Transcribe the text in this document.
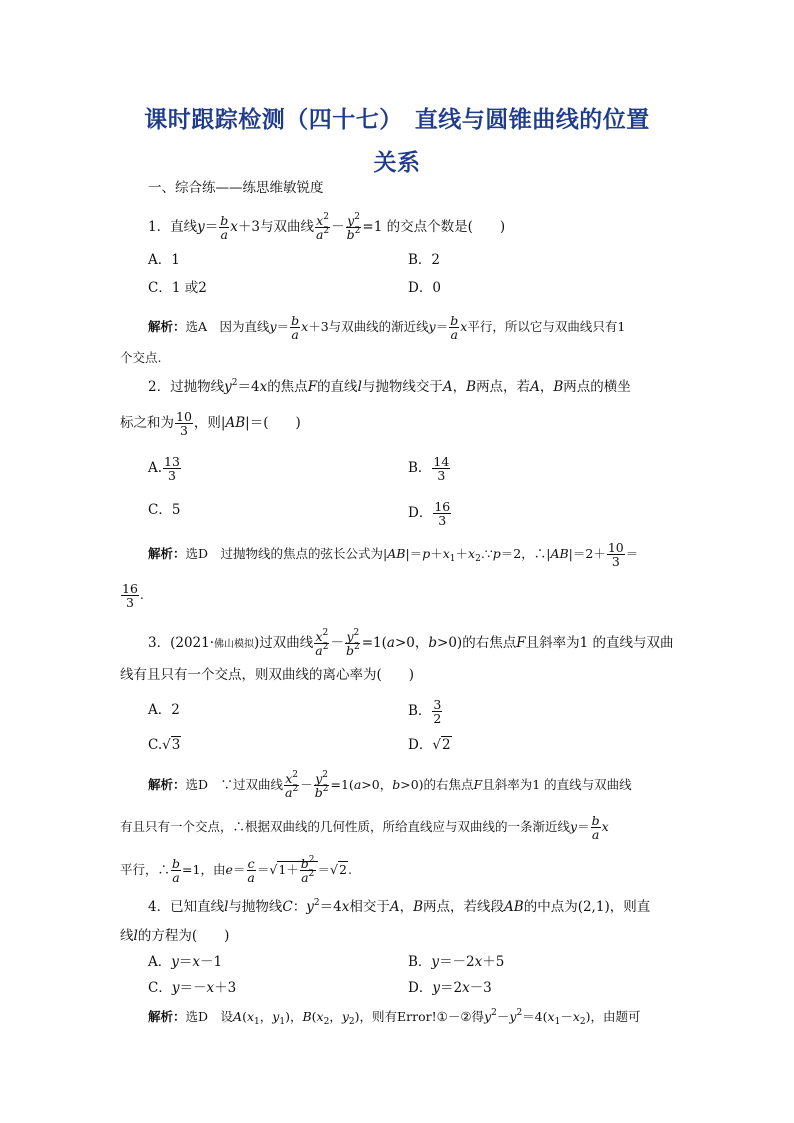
课时跟踪检测（四十七）　直线与圆锥曲线的位置
关系
一、综合练——练思维敏锐度
1．直线$y= \frac{b}{a} x+3$与双曲线 $\frac{x^2}{a^2} - \frac{y^2}{b^2} =1$ 的交点个数是(　　)
A．1	B．2
C．1 或2	D．0
解析：选A　因为直线$y= \frac{b}{a} x+3$与双曲线的渐近线$y= \frac{b}{a}$ x平行，所以它与双曲线只有1
个交点.
2．过抛物线$y^2=4x$的焦点F的直线l与抛物线交于A，B两点，若A，B两点的横坐
标之和为 $\frac{10}{3}$ ，则|AB|＝(　　)
A. $\frac{13}{3}$	B． $\frac{14}{3}$
C．5	D． $\frac{16}{3}$
解析：选D　过抛物线的焦点的弦长公式为$|AB|=p+x_1+x_2.\because p=2$，∴|AB|＝2＋ $\frac{10}{3}$ ＝
$\frac{16}{3}$ .
3．(2021·佛山模拟)过双曲线 $\frac{x^2}{a^2} - \frac{y^2}{b^2} =1(a>0$，b>0)的右焦点F且斜率为1 的直线与双曲
线有且只有一个交点，则双曲线的离心率为(　　)
A．2	B． $\frac{3}{2}$
C.√3	D．√2
解析：选D　∵过双曲线 $\frac{x^2}{a^2} - \frac{y^2}{b^2} =1(a>0$，b>0)的右焦点F且斜率为1 的直线与双曲线
有且只有一个交点，∴根据双曲线的几何性质，所给直线应与双曲线的一条渐近线$y= \frac{b}{a}$ x
平行，∴ $\frac{b}{a} =1$，由$e= \frac{c}{a} =√1+ \frac{b^2}{a^2} =√2$.
4．已知直线l与抛物线C：$y^2=4x$相交于A，B两点，若线段AB的中点为(2,1)，则直
线l的方程为(　　)
A．y＝x－1	B．y＝－2x＋5
C．y＝－x＋3	D．y＝2x－3
解析：选D　设$A(x_1$，$y_1$)，$B(x_2$，$y_2$)，则有Error!①－②得$y^2-y^2=4(x_1-x_2)$，由题可
